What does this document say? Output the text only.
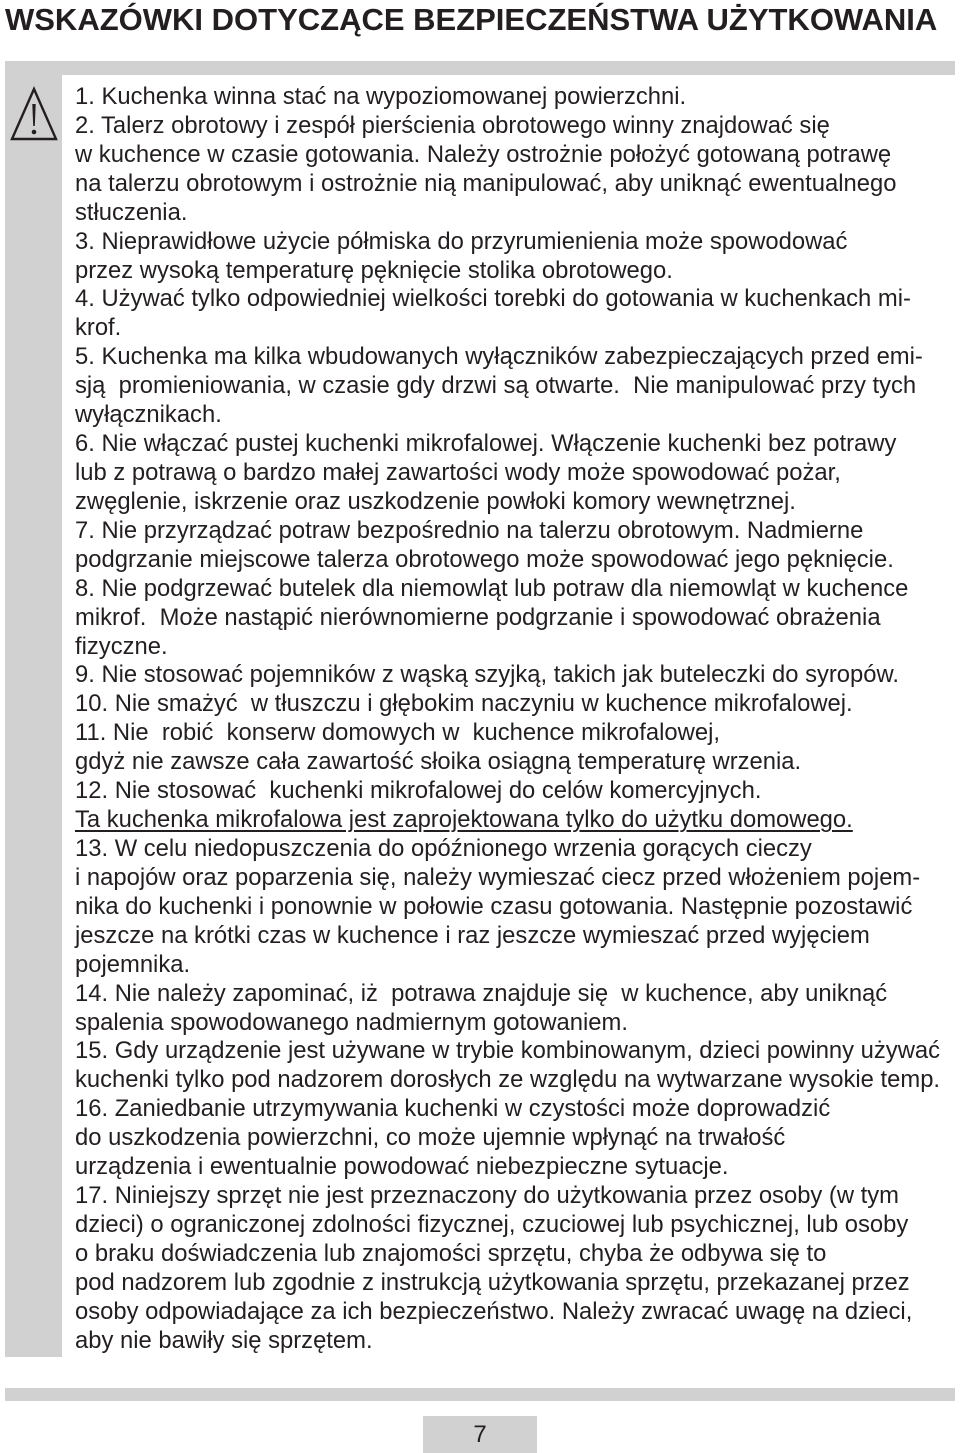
WSKAZÓWKI DOTYCZĄCE BEZPIECZEŃSTWA UŻYTKOWANIA
1. Kuchenka winna stać na wypoziomowanej powierzchni.
2. Talerz obrotowy i zespół pierścienia obrotowego winny znajdować się
w kuchence w czasie gotowania. Należy ostrożnie położyć gotowaną potrawę
na talerzu obrotowym i ostrożnie nią manipulować, aby uniknąć ewentualnego
stłuczenia.
3. Nieprawidłowe użycie półmiska do przyrumienienia może spowodować
przez wysoką temperaturę pęknięcie stolika obrotowego.
4. Używać tylko odpowiedniej wielkości torebki do gotowania w kuchenkach mi-
krof.
5. Kuchenka ma kilka wbudowanych wyłączników zabezpieczających przed emi-
sją  promieniowania, w czasie gdy drzwi są otwarte.  Nie manipulować przy tych
wyłącznikach.
6. Nie włączać pustej kuchenki mikrofalowej. Włączenie kuchenki bez potrawy
lub z potrawą o bardzo małej zawartości wody może spowodować pożar,
zwęglenie, iskrzenie oraz uszkodzenie powłoki komory wewnętrznej.
7. Nie przyrządzać potraw bezpośrednio na talerzu obrotowym. Nadmierne
podgrzanie miejscowe talerza obrotowego może spowodować jego pęknięcie.
8. Nie podgrzewać butelek dla niemowląt lub potraw dla niemowląt w kuchence
mikrof.  Może nastąpić nierównomierne podgrzanie i spowodować obrażenia
fizyczne.
9. Nie stosować pojemników z wąską szyjką, takich jak buteleczki do syropów.
10. Nie smażyć  w tłuszczu i głębokim naczyniu w kuchence mikrofalowej.
11. Nie  robić  konserw domowych w  kuchence mikrofalowej,
gdyż nie zawsze cała zawartość słoika osiągną temperaturę wrzenia.
12. Nie stosować  kuchenki mikrofalowej do celów komercyjnych.
Ta kuchenka mikrofalowa jest zaprojektowana tylko do użytku domowego.
13. W celu niedopuszczenia do opóźnionego wrzenia gorących cieczy
i napojów oraz poparzenia się, należy wymieszać ciecz przed włożeniem pojem-
nika do kuchenki i ponownie w połowie czasu gotowania. Następnie pozostawić
jeszcze na krótki czas w kuchence i raz jeszcze wymieszać przed wyjęciem
pojemnika.
14. Nie należy zapominać, iż  potrawa znajduje się  w kuchence, aby uniknąć
spalenia spowodowanego nadmiernym gotowaniem.
15. Gdy urządzenie jest używane w trybie kombinowanym, dzieci powinny używać
kuchenki tylko pod nadzorem dorosłych ze względu na wytwarzane wysokie temp.
16. Zaniedbanie utrzymywania kuchenki w czystości może doprowadzić
do uszkodzenia powierzchni, co może ujemnie wpłynąć na trwałość
urządzenia i ewentualnie powodować niebezpieczne sytuacje.
17. Niniejszy sprzęt nie jest przeznaczony do użytkowania przez osoby (w tym
dzieci) o ograniczonej zdolności fizycznej, czuciowej lub psychicznej, lub osoby
o braku doświadczenia lub znajomości sprzętu, chyba że odbywa się to
pod nadzorem lub zgodnie z instrukcją użytkowania sprzętu, przekazanej przez
osoby odpowiadające za ich bezpieczeństwo. Należy zwracać uwagę na dzieci,
aby nie bawiły się sprzętem.
7
